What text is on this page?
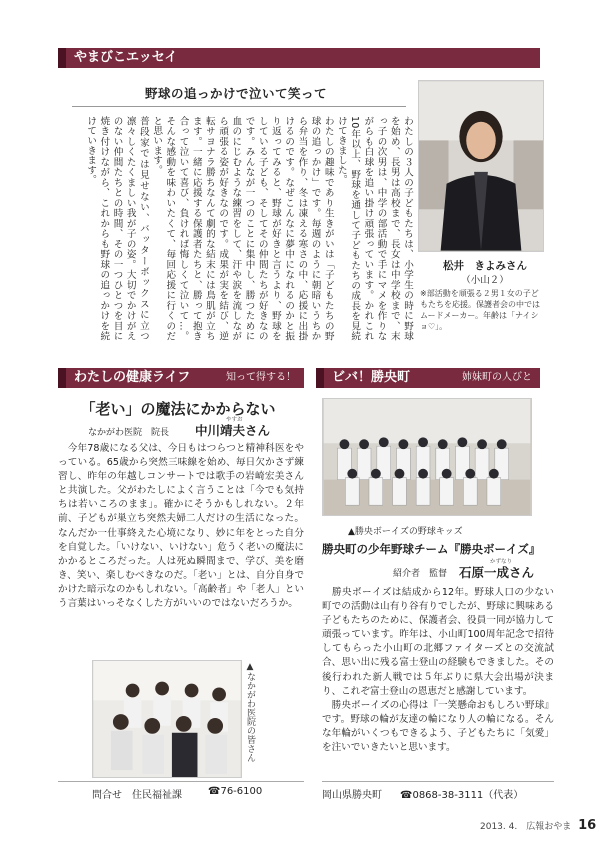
やまびこエッセイ
野球の追っかけで泣いて笑って

わたしの３人の子どもたちは、小学生の時に野球を始め、長男は高校まで、長女は中学校まで、末っ子の次男は、中学の部活動で手にマメを作りながらも白球を追い掛け頑張っています。かれこれ10年以上、野球を通して子どもたちの成長を見続けてきました。

わたしの趣味であり生きがいは「子どもたちの野球の追っかけ」です。毎週のように朝暗いうちから弁当を作り、冬は凍える寒さの中、応援に出掛けるのです。なぜこんなに夢中になれるのかと振り返ってみると、野球が好きと言うより、野球をしている子ども、そしてその仲間たちが好きなのです。みんなが一つのことに集中し、勝つために血のにじむような練習をして、汗や涙を流しながら頑張る姿が好きなのです。成果が実を結び、逆転サヨナラ勝ちなんて劇的な結末には鳥肌が立ちます。一緒に応援する保護者たちと、勝って抱き合って泣いて喜び、負ければ悔しくて泣いて…。そんな感動を味わいたくて、毎回応援に行くのだと思います。

普段家では見せない、バッターボックスに立つ凛々しくたくましい我が子の姿。大切でかけがえのない仲間たちとの時間、その一つひとつを目に焼き付けながら、これからも野球の追っかけを続けていきます。

松井　きよみさん
（小山２）
※部活動を頑張る２男１女の子どもたちを応援。保護者会の中ではムードメーカー。年齢は「ナイショ♡」。
わたしの健康ライフ	知って得する！
「老い」の魔法にかからない
なかがわ医院　院長
やすお
中川靖夫さん
　今年78歳になる父は、今日もはつらつと精神科医をやっている。65歳から突然三味線を始め、毎日欠かさず練習し、昨年の年越しコンサートでは歌手の岩崎宏美さんと共演した。父がわたしによく言うことは「今でも気持ちは若いころのまま」。確かにそうかもしれない。２年前、子どもが巣立ち突然夫婦二人だけの生活になった。なんだか一仕事終えた心境になり、妙に年をとった自分を自覚した。「いけない、いけない」危うく老いの魔法にかかるところだった。人は死ぬ瞬間まで、学び、美を磨き、笑い、楽しむべきなのだ。「老い」とは、自分自身でかけた暗示なのかもしれない。「高齢者」や「老人」という言葉はいっそなくした方がいいのではないだろうか。
▲なかがわ医院の皆さん
問合せ　住民福祉課	☎76-6100
ビバ！勝央町	姉妹町の人びと
▲勝央ボーイズの野球キッズ
勝央町の少年野球チーム『勝央ボーイズ』
紹介者　監督
かずなり
石原一成さん
　勝央ボーイズは結成から12年。野球人口の少ない町での活動は山有り谷有りでしたが、野球に興味ある子どもたちのために、保護者会、役員一同が協力して頑張っています。昨年は、小山町100周年記念で招待してもらった小山町の北郷ファイターズとの交流試合、思い出に残る富士登山の経験もできました。その後行われた新人戦では５年ぶりに県大会出場が決まり、これぞ富士登山の恩恵だと感謝しています。
　勝央ボーイズの心得は『一笑懸命おもしろい野球』です。野球の輪が友達の輪になり人の輪になる。そんな年輪がいくつもできるよう、子どもたちに「気愛」を注いでいきたいと思います。
岡山県勝央町 ☎0868-38-3111（代表）
2013. 4.　広報おやま 16
